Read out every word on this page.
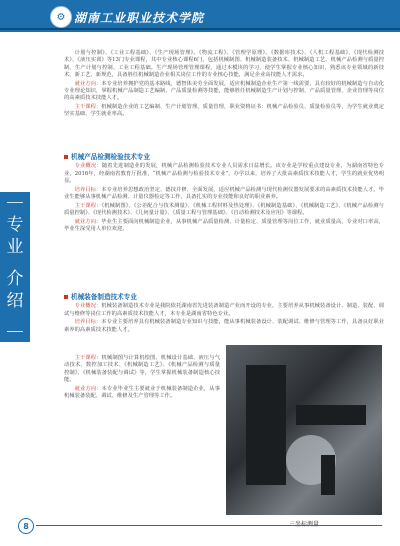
⚙ 湖南工业职业技术学院
专业
介绍

计划与控制》、《工业工程基础》、《生产现场管理》、《物流工程》、《管理学原理》、《数据库技术》、《人机工程基础》、《现代检测技术》、《液压实训》等13门专业课程，其中专业核心课程6门，包括机械制图、机械制造装备技术、机械制造工艺、机械产品检测与质量控制、生产计划与控制、工业工程基础。生产现场管理管理课程，通过本模块的学习，使学生掌握专业核心知识，熟悉该专业领域的新技术、新工艺、新规范，具备胜任机械制造企业相关岗位工作的专业核心技能，满足企业高技能人才需求。

就业方向：本专业培养拥护党的基本路线，德智体美劳全面发展，适应机械制造企业生产第一线需要，具有较好的机械制造与自动化专业理论知识，掌握机械产品制造工艺编制、产品质量检测等技能，能够胜任机械制造生产计划与控制、产品质量管理、企业管理等岗位的高素质技术技能人才。

主干课程：机械制造企业的工艺编制、生产计划管理、质量管理，职业资格证书：机械产品检验员、质量检验员等，为学生就业奠定坚实基础，学生就业率高。

机械产品检测检验技术专业

专业概况：随着先进制造业的发展，机械产品检测检验技术专业人员需求日益增长。该专业是学校重点建设专业，为湖南省特色专业，2016年，经湖南省教育厅批准，“机械产品检测与检验技术专业”，办学以来，培养了大批高素质技术技能人才，学生的就业优势明显。

培养目标：本专业培养思想政治坚定、德技并修、全面发展，适应机械产品检测与现代检测仪器发展要求的高素质技术技能人才。毕业生能够从事机械产品检测、计量仪器检定等工作，具备扎实的专业技能和良好的职业素养。

主干课程：《机械制图》、《公差配合与技术测量》、《机械工程材料及热处理》、《机械制造基础》、《机械制造工艺》、《机械产品检测与质量控制》、《现代检测技术》、《几何量计量》、《质量工程与管理基础》、《自动检测技术及应用》等课程。

就业方向：毕业生主要面向机械制造企业，从事机械产品质量检测、计量检定、质量管理等岗位工作，就业质量高，专业对口率高，毕业生深受用人单位欢迎。

机械装备制造技术专业

专业概况：机械装备制造技术专业是我院依托湖南省先进装备制造产业而开设的专业，主要培养从事机械装备设计、制造、装配、调试与维修等岗位工作的高素质技术技能人才，本专业是湖南省特色专业。

培养目标：本专业主要培养具有机械装备制造专业知识与技能，能从事机械装备设计、装配调试、维修与管理等工作，具备良好职业素养的高素质技术技能人才。

主干课程：机械制图与计算机绘图、机械设计基础、液压与气动技术、数控加工技术、《机械制造工艺》、《机械产品检测与质量控制》、《机械装备装配与调试》等，学生掌握机械装备制造核心技能。

就业方向：本专业毕业生主要就业于机械装备制造企业，从事机械装备装配、调试、维修及生产管理等工作。

8
